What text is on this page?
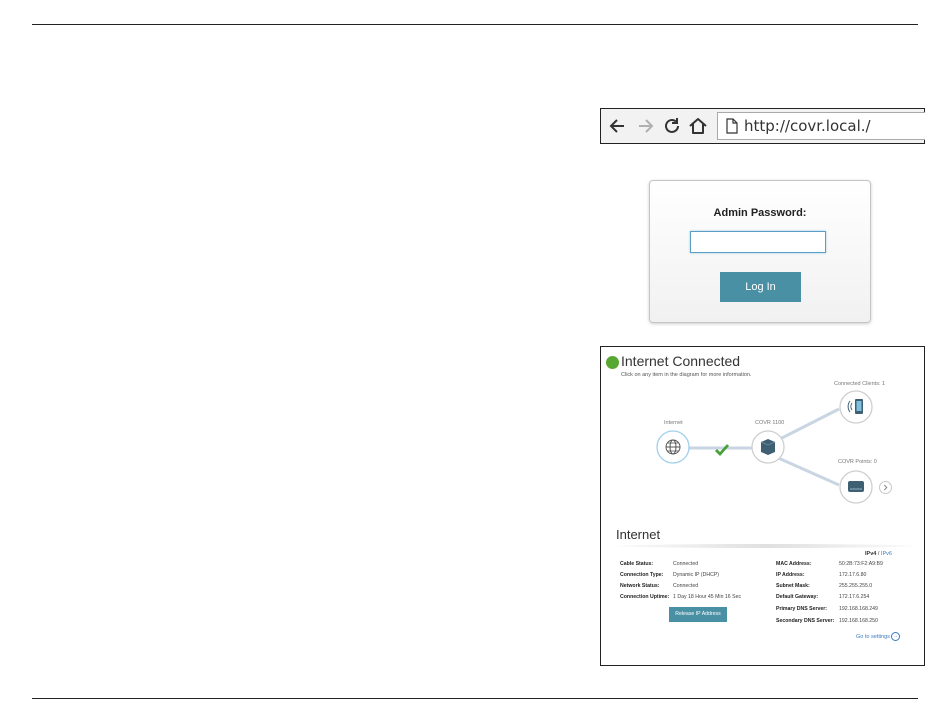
http://covr.local./
Admin Password:
Log In
Internet Connected
Click on any item in the diagram for more information.
Internet	COVR 1100
Connected Clients: 1
COVR Points: 0
Internet
IPv4 / IPv6
Cable Status:	Connected
Connection Type: Dynamic IP (DHCP)
Network Status:	Connected
Connection Uptime: 1 Day 18 Hour 45 Min 16 Sec
MAC Address:	50:2B:73:F2:A9:B9
IP Address:	172.17.6.80
Subnet Mask:	255.255.255.0
Default Gateway:	172.17.6.254
Primary DNS Server: 192.168.168.249
Secondary DNS Server: 192.168.168.250
Release IP Address
Go to settings →
